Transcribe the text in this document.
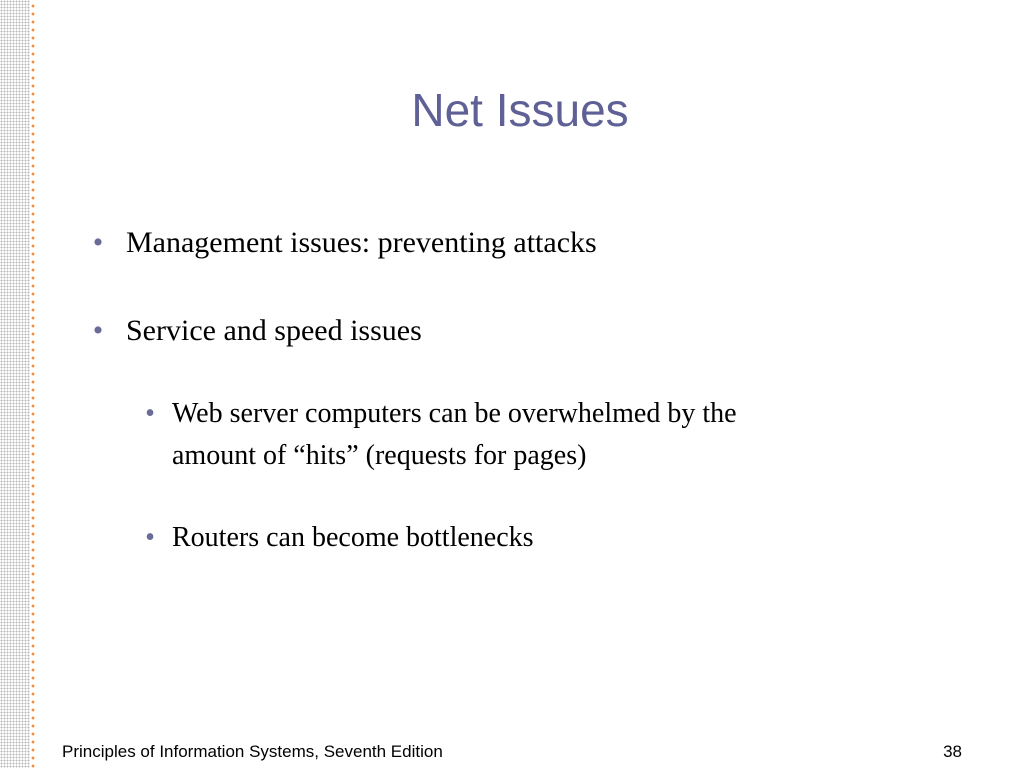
Net Issues
• Management issues: preventing attacks
• Service and speed issues
• Web server computers can be overwhelmed by the
amount of “hits” (requests for pages)
• Routers can become bottlenecks
Principles of Information Systems, Seventh Edition	38
